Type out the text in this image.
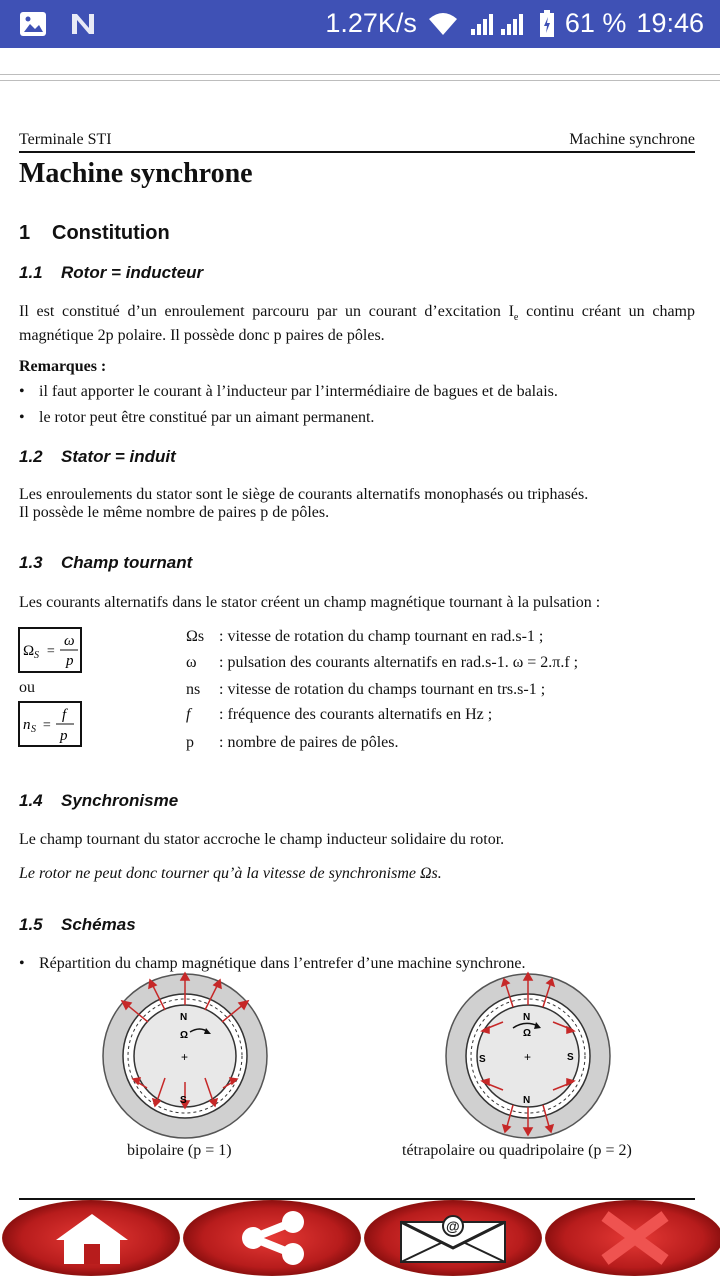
1.27K/s	61 % 19:46
Terminale STI	Machine synchrone
Machine synchrone
1 Constitution
1.1 Rotor = inducteur
Il est constitué d’un enroulement parcouru par un courant d’excitation $I_e$ continu créant un champ magnétique 2p polaire. Il possède donc p paires de pôles.
Remarques :
• il faut apporter le courant à l’inducteur par l’intermédiaire de bagues et de balais.
• le rotor peut être constitué par un aimant permanent.
1.2 Stator = induit
Les enroulements du stator sont le siège de courants alternatifs monophasés ou triphasés.
Il possède le même nombre de paires p de pôles.
1.3 Champ tournant
Les courants alternatifs dans le stator créent un champ magnétique tournant à la pulsation :
Ω S =
ω
p
ou
n S =
f
p
Ωs : vitesse de rotation du champ tournant en rad.s-1 ;
ω : pulsation des courants alternatifs en rad.s-1. ω = 2.π.f ;
ns : vitesse de rotation du champs tournant en trs.s-1 ;
f : fréquence des courants alternatifs en Hz ;
p : nombre de paires de pôles.
1.4 Synchronisme
Le champ tournant du stator accroche le champ inducteur solidaire du rotor.
Le rotor ne peut donc tourner qu’à la vitesse de synchronisme Ωs.
1.5 Schémas
• Répartition du champ magnétique dans l’entrefer d’une machine synchrone.
N
Ω
+
S
N
Ω
S	+	S
N
bipolaire (p = 1)	tétrapolaire ou quadripolaire (p = 2)
@
